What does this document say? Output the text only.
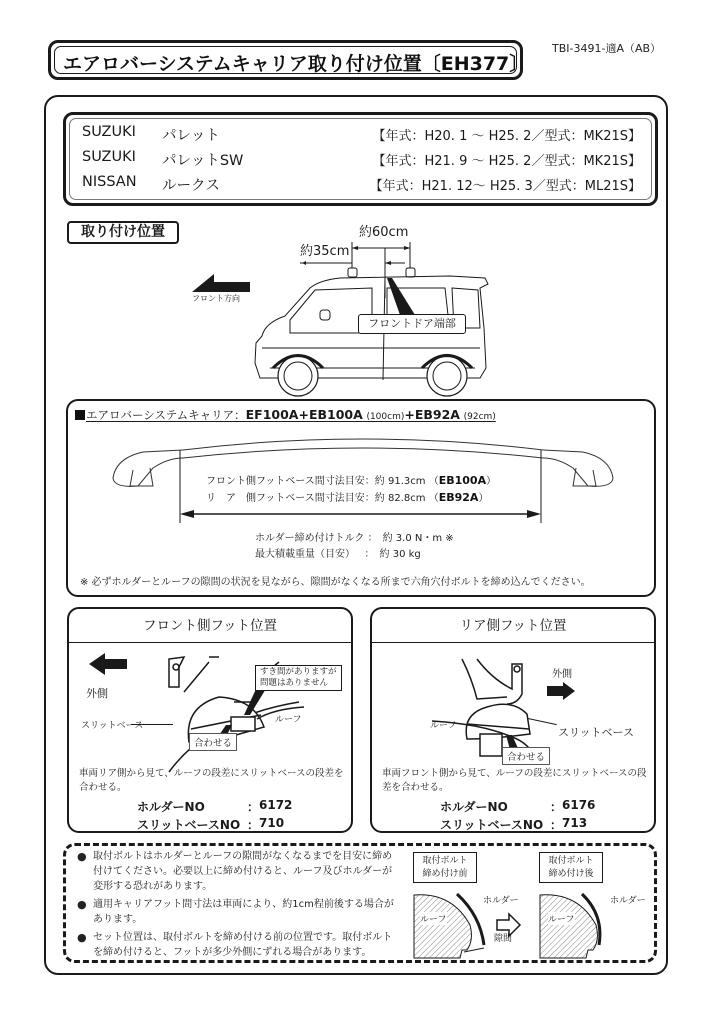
エアロバーシステムキャリア取り付け位置〔EH377〕
TBI-3491-適A（AB）
SUZUKI パレット	【年式：H20. 1 ～ H25. 2／型式：MK21S】
SUZUKI パレットSW	【年式：H21. 9 ～ H25. 2／型式：MK21S】
NISSAN ルークス	【年式：H21. 12～ H25. 3／型式：ML21S】
取り付け位置
フロント方向
約60cm
約35cm
フロントドア端部
エアロバーシステムキャリア：EF100A+EB100A (100cm)+EB92A (92cm)
フロント側フットベース間寸法目安：約 91.3cm （EB100A）
リ　ア　側フットベース間寸法目安：約 82.8cm （EB92A）
ホルダー締め付けトルク ：　約 3.0 N・m ※
最大積載重量（目安） ：　約 30 kg
※ 必ずホルダーとルーフの隙間の状況を見ながら、隙間がなくなる所まで六角穴付ボルトを締め込んでください。
フロント側フット位置
外側
スリットベース
ルーフ
すき間がありますが
問題はありません
合わせる
車両リア側から見て、ルーフの段差にスリットベースの段差を合わせる。
ホルダーNO	： 6172
スリットベースNO ： 710
リア側フット位置
外側
ルーフ	スリットベース
合わせる
車両フロント側から見て、ルーフの段差にスリットベースの段差を合わせる。
ホルダーNO	： 6176
スリットベースNO ： 713
● 取付ボルトはホルダーとルーフの隙間がなくなるまでを目安に締め付けてください。必要以上に締め付けると、ルーフ及びホルダーが変形する恐れがあります。
● 適用キャリアフット間寸法は車両により、約1cm程前後する場合があります。
● セット位置は、取付ボルトを締め付ける前の位置です。取付ボルトを締め付けると、フットが多少外側にずれる場合があります。
取付ボルト
締め付け前
取付ボルト
締め付け後
ホルダー	ホルダー
ルーフ	ルーフ
隙間
